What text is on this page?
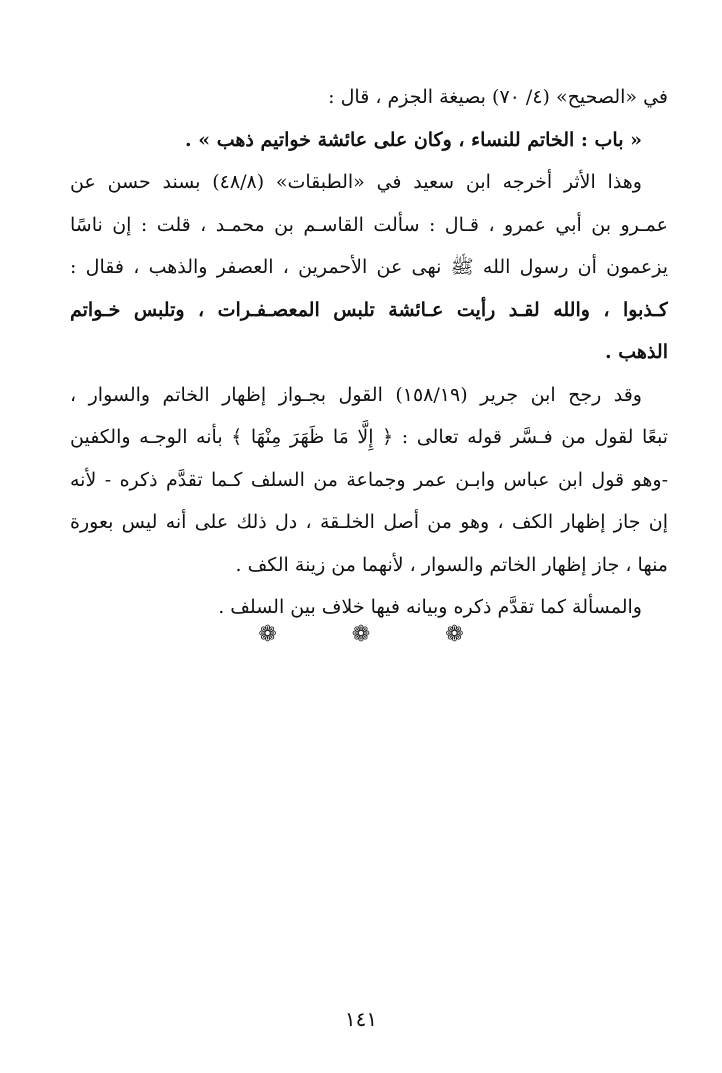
في «الصحيح» (٤/ ٧٠) بصيغة الجزم ، قال :
« باب : الخاتم للنساء ، وكان على عائشة خواتيم ذهب » .
وهذا الأثر أخرجه ابن سعيد في «الطبقات» (٤٨/٨) بسند حسن عن
عمـرو بن أبي عمرو ، قـال : سألت القاسـم بن محمـد ، قلت : إن ناسًا
يزعمون أن رسول الله ﷺ نهى عن الأحمرين ، العصفر والذهب ، فقال :
كـذبوا ، والله لقـد رأيت عـائشة تلبس المعصـفـرات ، وتلبس خـواتم
الذهب .
وقد رجح ابن جرير (١٥٨/١٩) القول بجـواز إظهار الخاتم والسوار ،
تبعًا لقول من فـسَّر قوله تعالى : ﴿ إِلَّا مَا ظَهَرَ مِنْهَا ﴾ بأنه الوجـه والكفين
-وهو قول ابن عباس وابـن عمر وجماعة من السلف كـما تقدَّم ذكره - لأنه
إن جاز إظهار الكف ، وهو من أصل الخلـقة ، دل ذلك على أنه ليس بعورة
منها ، جاز إظهار الخاتم والسوار ، لأنهما من زينة الكف .
والمسألة كما تقدَّم ذكره وبيانه فيها خلاف بين السلف .
❁ ❁ ❁
١٤١
